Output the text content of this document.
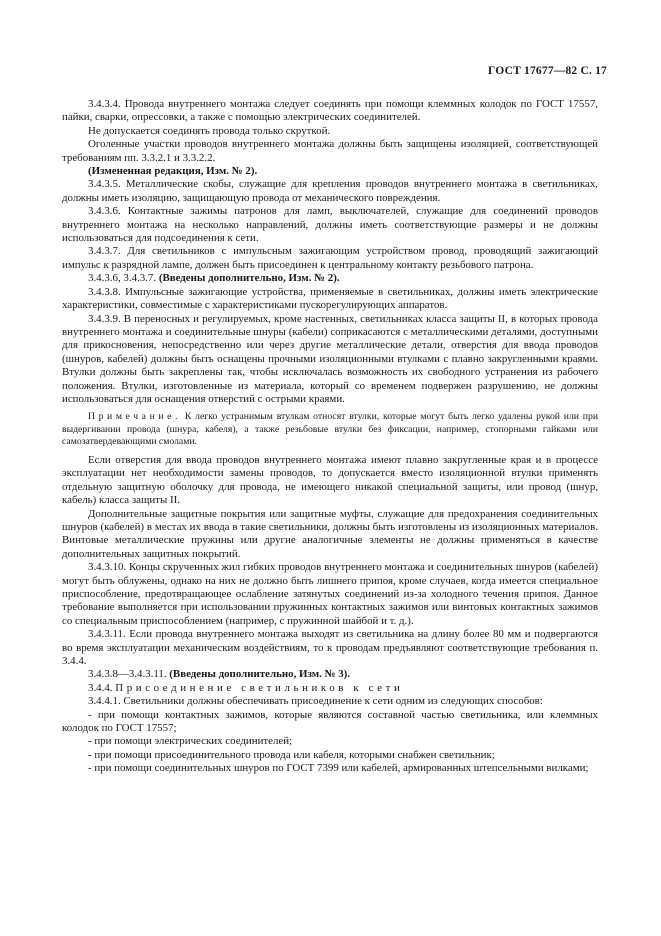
ГОСТ 17677—82 С. 17

3.4.3.4. Провода внутреннего монтажа следует соединять при помощи клеммных колодок по ГОСТ 17557, пайки, сварки, опрессовки, а также с помощью электрических соединителей.

Не допускается соединять провода только скруткой.

Оголенные участки проводов внутреннего монтажа должны быть защищены изоляцией, соответствующей требованиям пп. 3.3.2.1 и 3.3.2.2.

(Измененная редакция, Изм. № 2).

3.4.3.5. Металлические скобы, служащие для крепления проводов внутреннего монтажа в светильниках, должны иметь изоляцию, защищающую провода от механического повреждения.

3.4.3.6. Контактные зажимы патронов для ламп, выключателей, служащие для соединений проводов внутреннего монтажа на несколько направлений, должны иметь соответствующие размеры и не должны использоваться для подсоединения к сети.

3.4.3.7. Для светильников с импульсным зажигающим устройством провод, проводящий зажигающий импульс к разрядной лампе, должен быть присоединен к центральному контакту резьбового патрона.

3.4.3.6, 3.4.3.7. (Введены дополнительно, Изм. № 2).

3.4.3.8. Импульсные зажигающие устройства, применяемые в светильниках, должны иметь электрические характеристики, совместимые с характеристиками пускорегулирующих аппаратов.

3.4.3.9. В переносных и регулируемых, кроме настенных, светильниках класса защиты II, в которых провода внутреннего монтажа и соединительные шнуры (кабели) соприкасаются с металлическими деталями, доступными для прикосновения, непосредственно или через другие металлические детали, отверстия для ввода проводов (шнуров, кабелей) должны быть оснащены прочными изоляционными втулками с плавно закругленными краями. Втулки должны быть закреплены так, чтобы исключалась возможность их свободного устранения из рабочего положения. Втулки, изготовленные из материала, который со временем подвержен разрушению, не должны использоваться для оснащения отверстий с острыми краями.

Примечание. К легко устранимым втулкам относят втулки, которые могут быть легко удалены рукой или при выдергивании провода (шнура, кабеля), а также резьбовые втулки без фиксации, например, стопорными гайками или самозатвердевающими смолами.

Если отверстия для ввода проводов внутреннего монтажа имеют плавно закругленные края и в процессе эксплуатации нет необходимости замены проводов, то допускается вместо изоляционной втулки применять отдельную защитную оболочку для провода, не имеющего никакой специальной защиты, или провод (шнур, кабель) класса защиты II.

Дополнительные защитные покрытия или защитные муфты, служащие для предохранения соединительных шнуров (кабелей) в местах их ввода в такие светильники, должны быть изготовлены из изоляционных материалов. Винтовые металлические пружины или другие аналогичные элементы не должны применяться в качестве дополнительных защитных покрытий.

3.4.3.10. Концы скрученных жил гибких проводов внутреннего монтажа и соединительных шнуров (кабелей) могут быть облужены, однако на них не должно быть лишнего припоя, кроме случаев, когда имеется специальное приспособление, предотвращающее ослабление затянутых соединений из-за холодного течения припоя. Данное требование выполняется при использовании пружинных контактных зажимов или винтовых контактных зажимов со специальным приспособлением (например, с пружинной шайбой и т. д.).

3.4.3.11. Если провода внутреннего монтажа выходят из светильника на длину более 80 мм и подвергаются во время эксплуатации механическим воздействиям, то к проводам предъявляют соответствующие требования п. 3.4.4.

3.4.3.8—3.4.3.11. (Введены дополнительно, Изм. № 3).

3.4.4. Присоединение светильников к сети

3.4.4.1. Светильники должны обеспечивать присоединение к сети одним из следующих способов:

- при помощи контактных зажимов, которые являются составной частью светильника, или клеммных колодок по ГОСТ 17557;

- при помощи электрических соединителей;

- при помощи присоединительного провода или кабеля, которыми снабжен светильник;

- при помощи соединительных шнуров по ГОСТ 7399 или кабелей, армированных штепсельными вилками;
